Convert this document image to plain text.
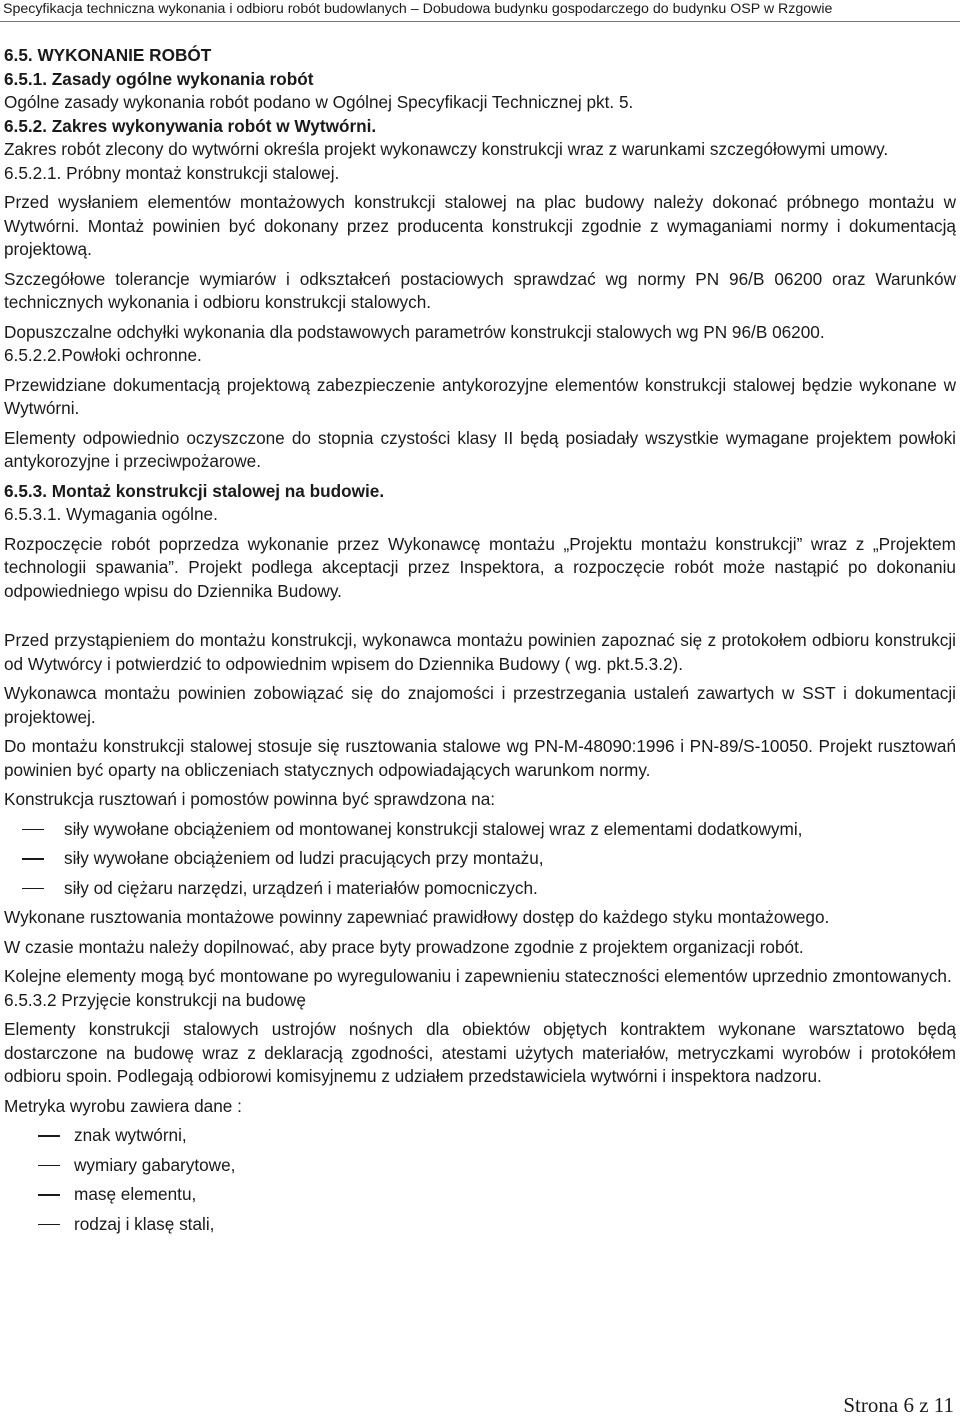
Specyfikacja techniczna wykonania i odbioru robót budowlanych – Dobudowa budynku gospodarczego do budynku OSP w Rzgowie
6.5. WYKONANIE ROBÓT
6.5.1. Zasady ogólne wykonania robót
Ogólne zasady wykonania robót podano w Ogólnej Specyfikacji Technicznej pkt. 5.
6.5.2. Zakres wykonywania robót w Wytwórni.
Zakres robót zlecony do wytwórni określa projekt wykonawczy konstrukcji wraz z warunkami szczegółowymi umowy.
6.5.2.1. Próbny montaż konstrukcji stalowej.
Przed wysłaniem elementów montażowych konstrukcji stalowej na plac budowy należy dokonać próbnego montażu w Wytwórni. Montaż powinien być dokonany przez producenta konstrukcji zgodnie z wymaganiami normy i dokumentacją projektową.
Szczegółowe tolerancje wymiarów i odkształceń postaciowych sprawdzać wg normy PN 96/B 06200 oraz Warunków technicznych wykonania i odbioru konstrukcji stalowych.
Dopuszczalne odchyłki wykonania dla podstawowych parametrów konstrukcji stalowych wg PN 96/B 06200.
6.5.2.2.Powłoki ochronne.
Przewidziane dokumentacją projektową zabezpieczenie antykorozyjne elementów konstrukcji stalowej będzie wykonane w Wytwórni.
Elementy odpowiednio oczyszczone do stopnia czystości klasy II będą posiadały wszystkie wymagane projektem powłoki antykorozyjne i przeciwpożarowe.
6.5.3. Montaż konstrukcji stalowej na budowie.
6.5.3.1. Wymagania ogólne.
Rozpoczęcie robót poprzedza wykonanie przez Wykonawcę montażu „Projektu montażu konstrukcji” wraz z „Projektem technologii spawania”. Projekt podlega akceptacji przez Inspektora, a rozpoczęcie robót może nastąpić po dokonaniu odpowiedniego wpisu do Dziennika Budowy.
Przed przystąpieniem do montażu konstrukcji, wykonawca montażu powinien zapoznać się z protokołem odbioru konstrukcji od Wytwórcy i potwierdzić to odpowiednim wpisem do Dziennika Budowy ( wg. pkt.5.3.2).
Wykonawca montażu powinien zobowiązać się do znajomości i przestrzegania ustaleń zawartych w SST i dokumentacji projektowej.
Do montażu konstrukcji stalowej stosuje się rusztowania stalowe wg PN-M-48090:1996 i PN-89/S-10050. Projekt rusztowań powinien być oparty na obliczeniach statycznych odpowiadających warunkom normy.
Konstrukcja rusztowań i pomostów powinna być sprawdzona na:
siły wywołane obciążeniem od montowanej konstrukcji stalowej wraz z elementami dodatkowymi,
siły wywołane obciążeniem od ludzi pracujących przy montażu,
siły od ciężaru narzędzi, urządzeń i materiałów pomocniczych.
Wykonane rusztowania montażowe powinny zapewniać prawidłowy dostęp do każdego styku montażowego.
W czasie montażu należy dopilnować, aby prace byty prowadzone zgodnie z projektem organizacji robót.
Kolejne elementy mogą być montowane po wyregulowaniu i zapewnieniu stateczności elementów uprzednio zmontowanych.
6.5.3.2 Przyjęcie konstrukcji na budowę
Elementy konstrukcji stalowych ustrojów nośnych dla obiektów objętych kontraktem wykonane warsztatowo będą dostarczone na budowę wraz z deklaracją zgodności, atestami użytych materiałów, metryczkami wyrobów i protokółem odbioru spoin. Podlegają odbiorowi komisyjnemu z udziałem przedstawiciela wytwórni i inspektora nadzoru.
Metryka wyrobu zawiera dane :
znak wytwórni,
wymiary gabarytowe,
masę elementu,
rodzaj i klasę stali,
Strona 6 z 11
